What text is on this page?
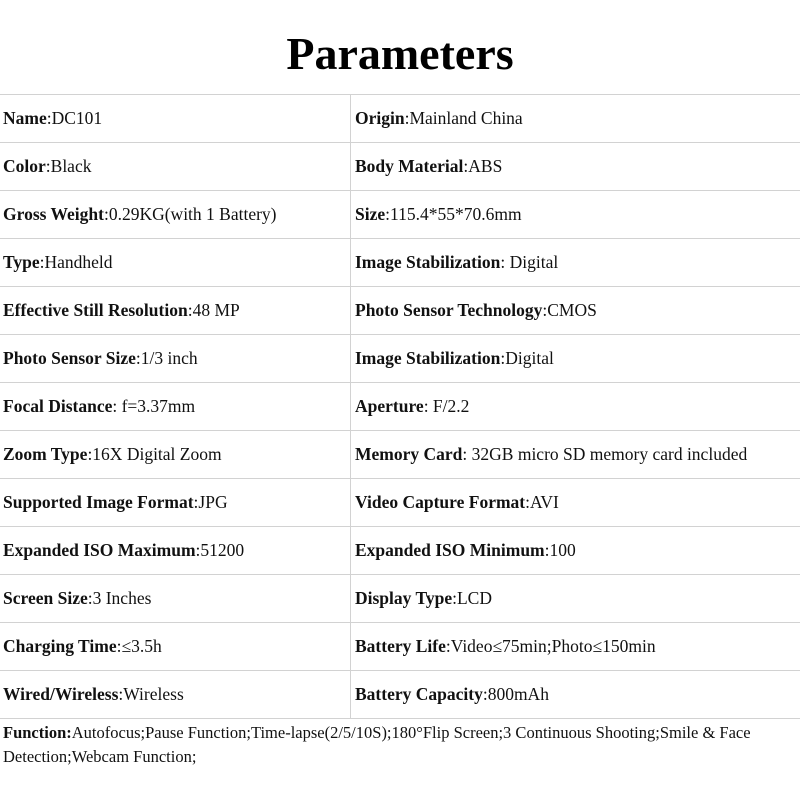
Parameters
Name :DC101	Origin :Mainland China
Color :Black	Body Material :ABS
Gross Weight :0.29KG(with 1 Battery)	Size :115.4*55*70.6mm
Type :Handheld	Image Stabilization : Digital
Effective Still Resolution :48 MP	Photo Sensor Technology :CMOS
Photo Sensor Size :1/3 inch	Image Stabilization :Digital
Focal Distance : f=3.37mm	Aperture : F/2.2
Zoom Type :16X Digital Zoom	Memory Card : 32GB micro SD memory card included
Supported Image Format :JPG	Video Capture Format :AVI
Expanded ISO Maximum :51200	Expanded ISO Minimum :100
Screen Size :3 Inches	Display Type :LCD
Charging Time :≤3.5h	Battery Life :Video≤75min;Photo≤150min
Wired/Wireless :Wireless	Battery Capacity :800mAh
Function:Autofocus;Pause Function;Time-lapse(2/5/10S);180°Flip Screen;3 Continuous Shooting;Smile & Face Detection;Webcam Function;
